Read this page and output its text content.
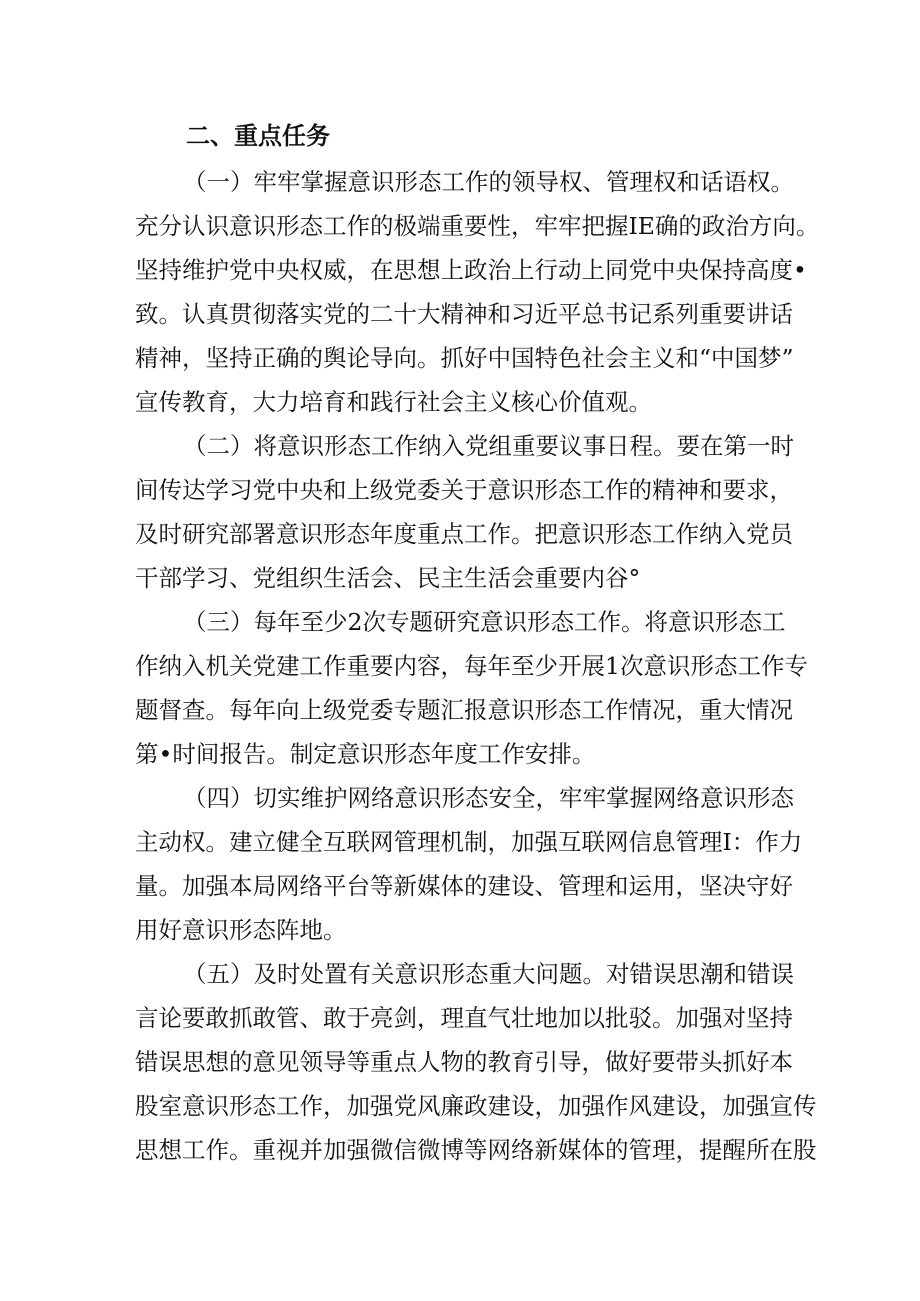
二、重点任务
（一）牢牢掌握意识形态工作的领导权、管理权和话语权。
充分认识意识形态工作的极端重要性，牢牢把握IE确的政治方向。
坚持维护党中央权威，在思想上政治上行动上同党中央保持高度•
致。认真贯彻落实党的二十大精神和习近平总书记系列重要讲话
精神，坚持正确的舆论导向。抓好中国特色社会主义和“中国梦”
宣传教育，大力培育和践行社会主义核心价值观。
（二）将意识形态工作纳入党组重要议事日程。要在第一时
间传达学习党中央和上级党委关于意识形态工作的精神和要求，
及时研究部署意识形态年度重点工作。把意识形态工作纳入党员
干部学习、党组织生活会、民主生活会重要内谷°
（三）每年至少2次专题研究意识形态工作。将意识形态工
作纳入机关党建工作重要内容，每年至少开展1次意识形态工作专
题督查。每年向上级党委专题汇报意识形态工作情况，重大情况
第•时间报告。制定意识形态年度工作安排。
（四）切实维护网络意识形态安全，牢牢掌握网络意识形态
主动权。建立健全互联网管理机制，加强互联网信息管理I：作力
量。加强本局网络平台等新媒体的建设、管理和运用，坚决守好
用好意识形态阵地。
（五）及时处置有关意识形态重大问题。对错误思潮和错误
言论要敢抓敢管、敢于亮剑，理直气壮地加以批驳。加强对坚持
错误思想的意见领导等重点人物的教育引导，做好要带头抓好本
股室意识形态工作，加强党风廉政建设，加强作风建设，加强宣传
思想工作。重视并加强微信微博等网络新媒体的管理，提醒所在股
